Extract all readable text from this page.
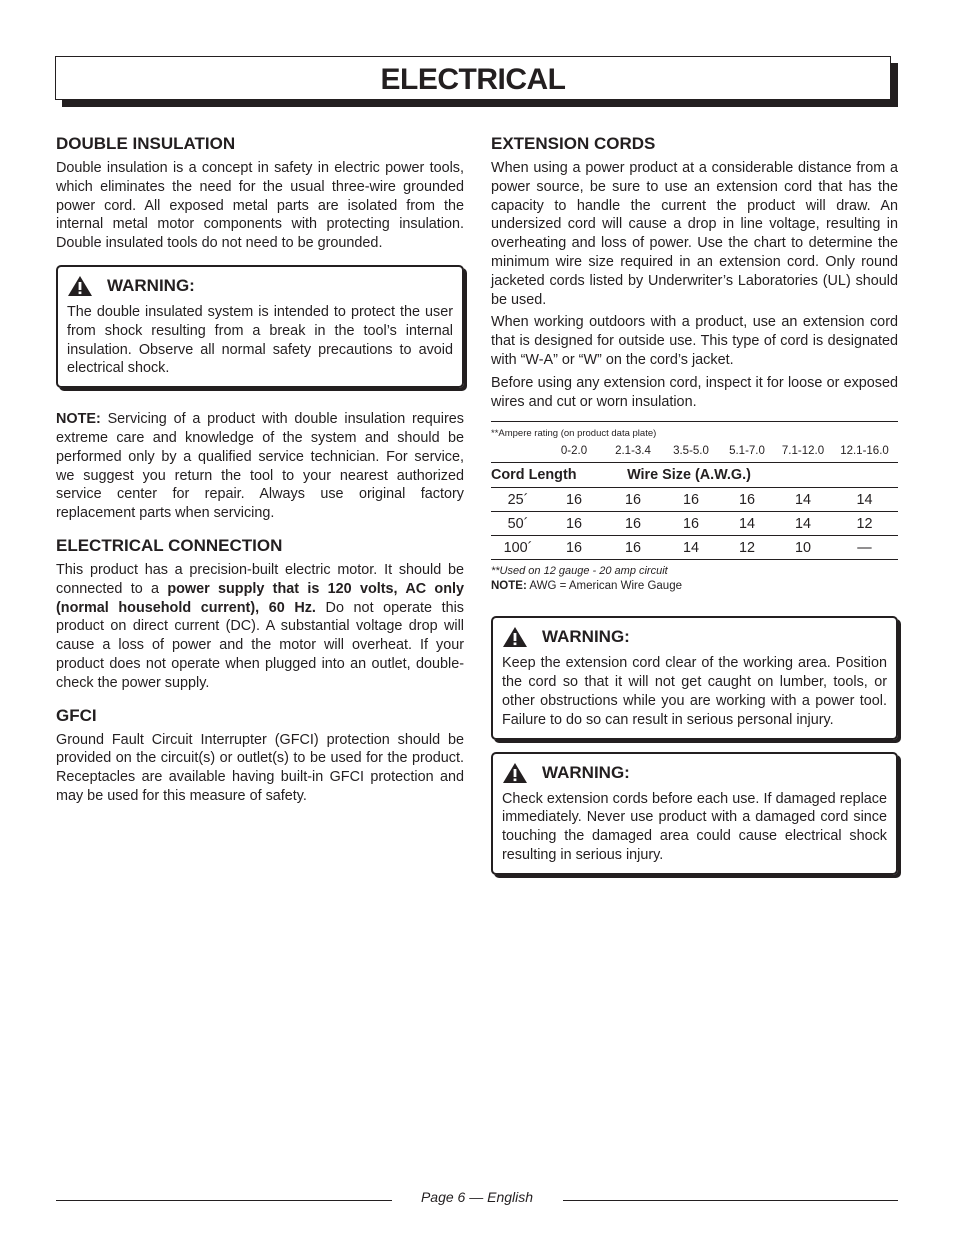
ELECTRICAL
DOUBLE INSULATION

Double insulation is a concept in safety in electric power tools, which eliminates the need for the usual three-wire grounded power cord. All exposed metal parts are isolated from the internal metal motor components with protecting insulation. Double insulated tools do not need to be grounded.

WARNING:

The double insulated system is intended to protect the user from shock resulting from a break in the tool’s internal insulation. Observe all normal safety precautions to avoid electrical shock.

NOTE: Servicing of a product with double insulation requires extreme care and knowledge of the system and should be performed only by a qualified service technician. For service, we suggest you return the tool to your nearest authorized service center for repair. Always use original factory replacement parts when servicing.

ELECTRICAL CONNECTION

This product has a precision-built electric motor. It should be connected to a power supply that is 120 volts, AC only (normal household current), 60 Hz. Do not operate this product on direct current (DC). A substantial voltage drop will cause a loss of power and the motor will overheat. If your product does not operate when plugged into an outlet, double-check the power supply.

GFCI

Ground Fault Circuit Interrupter (GFCI) protection should be provided on the circuit(s) or outlet(s) to be used for the product. Receptacles are available having built-in GFCI protection and may be used for this measure of safety.

EXTENSION CORDS

When using a power product at a considerable distance from a power source, be sure to use an extension cord that has the capacity to handle the current the product will draw. An undersized cord will cause a drop in line voltage, resulting in overheating and loss of power. Use the chart to determine the minimum wire size required in an extension cord. Only round jacketed cords listed by Underwriter’s Laboratories (UL) should be used.

When working outdoors with a product, use an extension cord that is designed for outside use. This type of cord is designated with “W-A” or “W” on the cord’s jacket.

Before using any extension cord, inspect it for loose or exposed wires and cut or worn insulation.

**Ampere rating (on product data plate)
	0-2.0	2.1-3.4	3.5-5.0	5.1-7.0	7.1-12.0	12.1-16.0
Cord Length		Wire Size (A.W.G.)				
25´	16	16	16	16	14	14
50´	16	16	16	14	14	12
100´	16	16	14	12	10	—
**Used on 12 gauge - 20 amp circuit
NOTE: AWG = American Wire Gauge
WARNING:

Keep the extension cord clear of the working area. Position the cord so that it will not get caught on lumber, tools, or other obstructions while you are working with a power tool. Failure to do so can result in serious personal injury.

WARNING:

Check extension cords before each use. If damaged replace immediately. Never use product with a damaged cord since touching the damaged area could cause electrical shock resulting in serious injury.

Page 6 — English
